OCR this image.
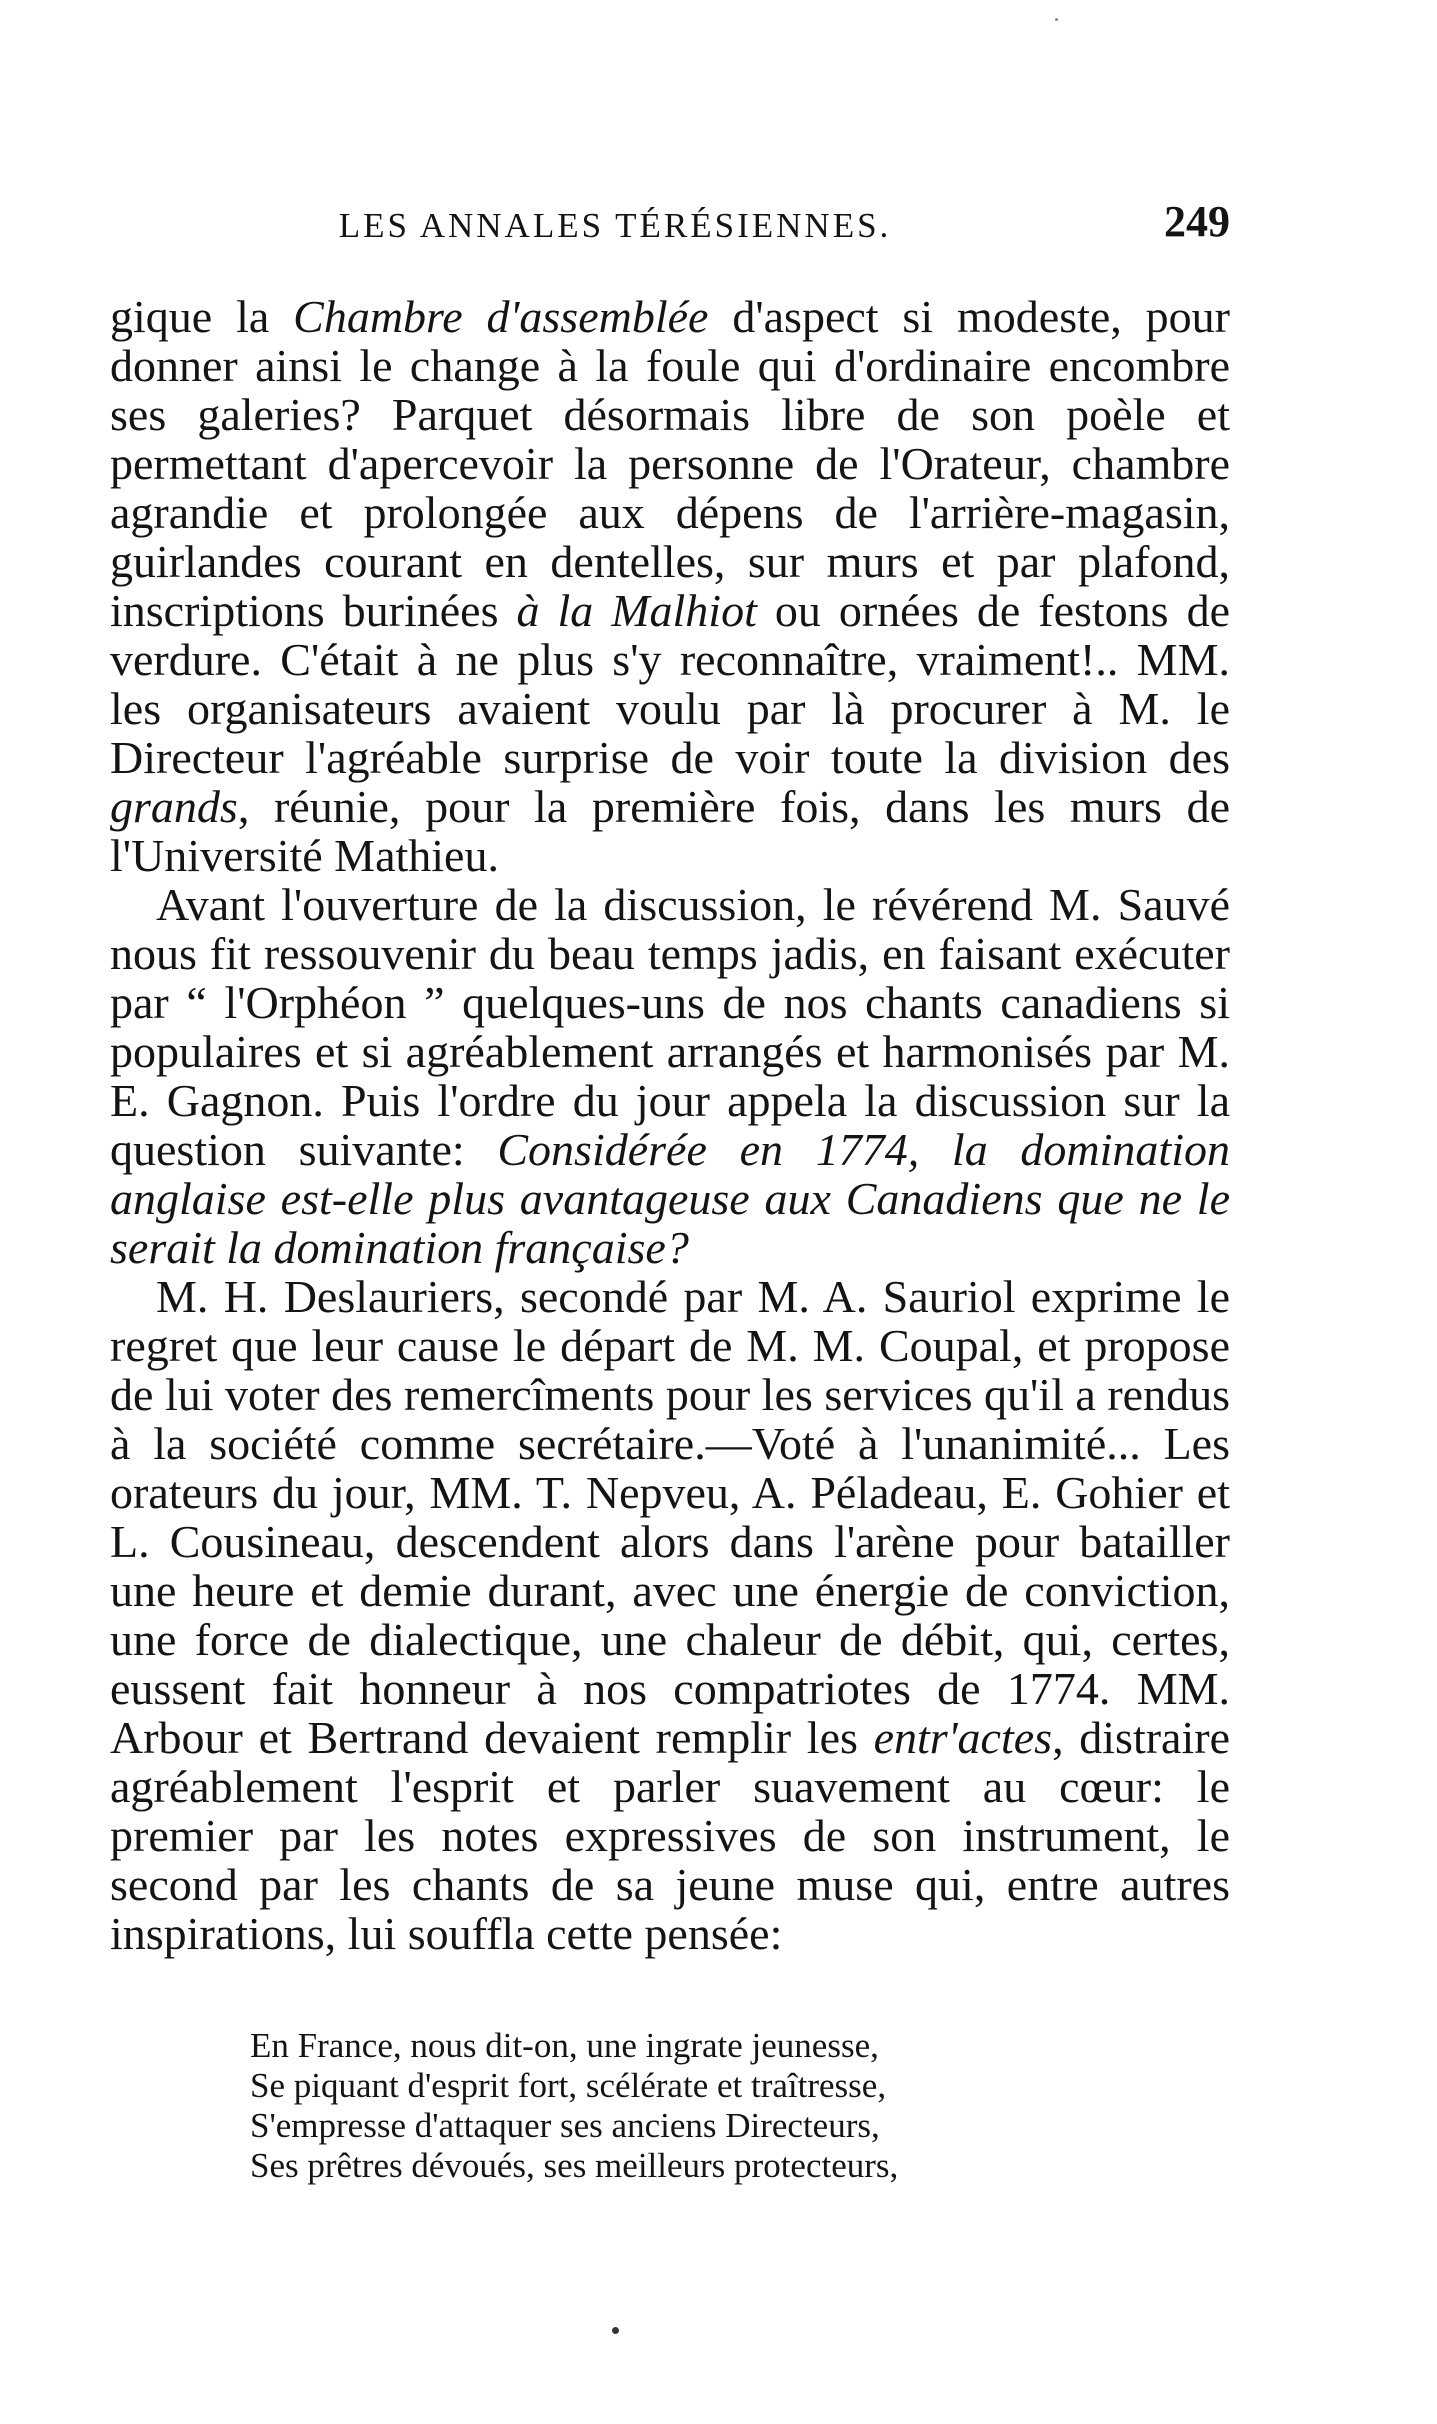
LES ANNALES TÉRÉSIENNES.	249

gique la Chambre d'assemblée d'aspect si modeste, pour donner ainsi le change à la foule qui d'ordinaire encombre ses galeries? Parquet désormais libre de son poèle et permettant d'apercevoir la personne de l'Orateur, chambre agrandie et prolongée aux dépens de l'arrière-magasin, guirlandes courant en dentelles, sur murs et par plafond, inscriptions burinées à la Malhiot ou ornées de festons de verdure. C'était à ne plus s'y reconnaître, vraiment!.. MM. les organisateurs avaient voulu par là procurer à M. le Directeur l'agréable surprise de voir toute la division des grands, réunie, pour la première fois, dans les murs de l'Université Mathieu.

Avant l'ouverture de la discussion, le révérend M. Sauvé nous fit ressouvenir du beau temps jadis, en faisant exécuter par “ l'Orphéon ” quelques-uns de nos chants canadiens si populaires et si agréablement arrangés et harmonisés par M. E. Gagnon. Puis l'ordre du jour appela la discussion sur la question suivante: Considérée en 1774, la domination anglaise est-elle plus avantageuse aux Canadiens que ne le serait la domination française?

M. H. Deslauriers, secondé par M. A. Sauriol exprime le regret que leur cause le départ de M. M. Coupal, et propose de lui voter des remercîments pour les services qu'il a rendus à la société comme secrétaire.—Voté à l'unanimité... Les orateurs du jour, MM. T. Nepveu, A. Péladeau, E. Gohier et L. Cousineau, descendent alors dans l'arène pour batailler une heure et demie durant, avec une énergie de conviction, une force de dialectique, une chaleur de débit, qui, certes, eussent fait honneur à nos compatriotes de 1774. MM. Arbour et Bertrand devaient remplir les entr'actes, distraire agréablement l'esprit et parler suavement au cœur: le premier par les notes expressives de son instrument, le second par les chants de sa jeune muse qui, entre autres inspirations, lui souffla cette pensée:

En France, nous dit-on, une ingrate jeunesse,
Se piquant d'esprit fort, scélérate et traîtresse,
S'empresse d'attaquer ses anciens Directeurs,
Ses prêtres dévoués, ses meilleurs protecteurs,
